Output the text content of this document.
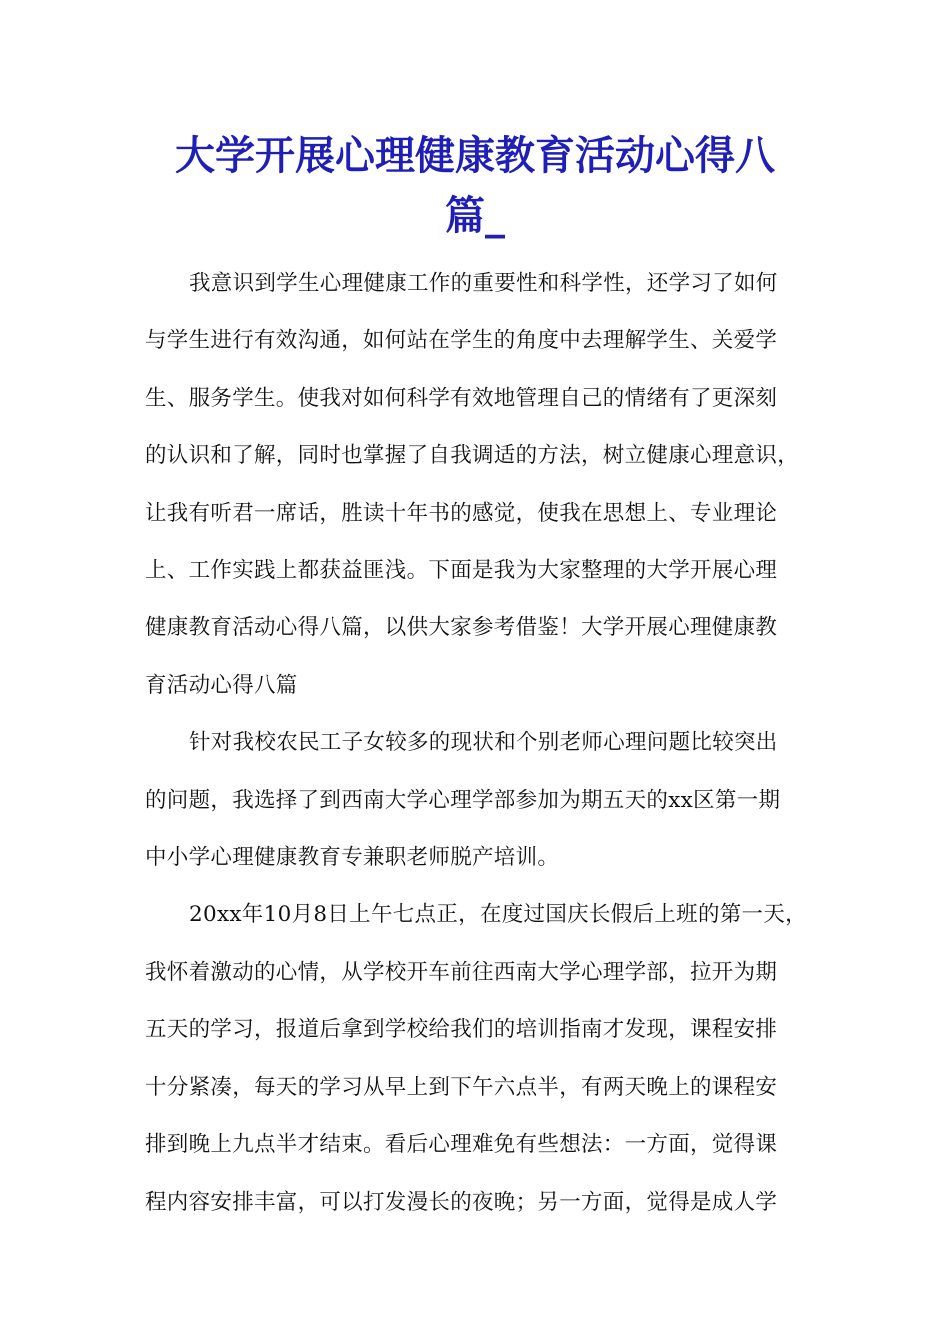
大学开展心理健康教育活动心得八
篇_

我意识到学生心理健康工作的重要性和科学性，还学习了如何
与学生进行有效沟通，如何站在学生的角度中去理解学生、关爱学
生、服务学生。使我对如何科学有效地管理自己的情绪有了更深刻
的认识和了解，同时也掌握了自我调适的方法，树立健康心理意识，
让我有听君一席话，胜读十年书的感觉，使我在思想上、专业理论
上、工作实践上都获益匪浅。下面是我为大家整理的大学开展心理
健康教育活动心得八篇，以供大家参考借鉴！大学开展心理健康教
育活动心得八篇

针对我校农民工子女较多的现状和个别老师心理问题比较突出
的问题，我选择了到西南大学心理学部参加为期五天的xx区第一期
中小学心理健康教育专兼职老师脱产培训。

20xx年10月8日上午七点正，在度过国庆长假后上班的第一天，
我怀着激动的心情，从学校开车前往西南大学心理学部，拉开为期
五天的学习，报道后拿到学校给我们的培训指南才发现，课程安排
十分紧凑，每天的学习从早上到下午六点半，有两天晚上的课程安
排到晚上九点半才结束。看后心理难免有些想法：一方面，觉得课
程内容安排丰富，可以打发漫长的夜晚；另一方面，觉得是成人学
